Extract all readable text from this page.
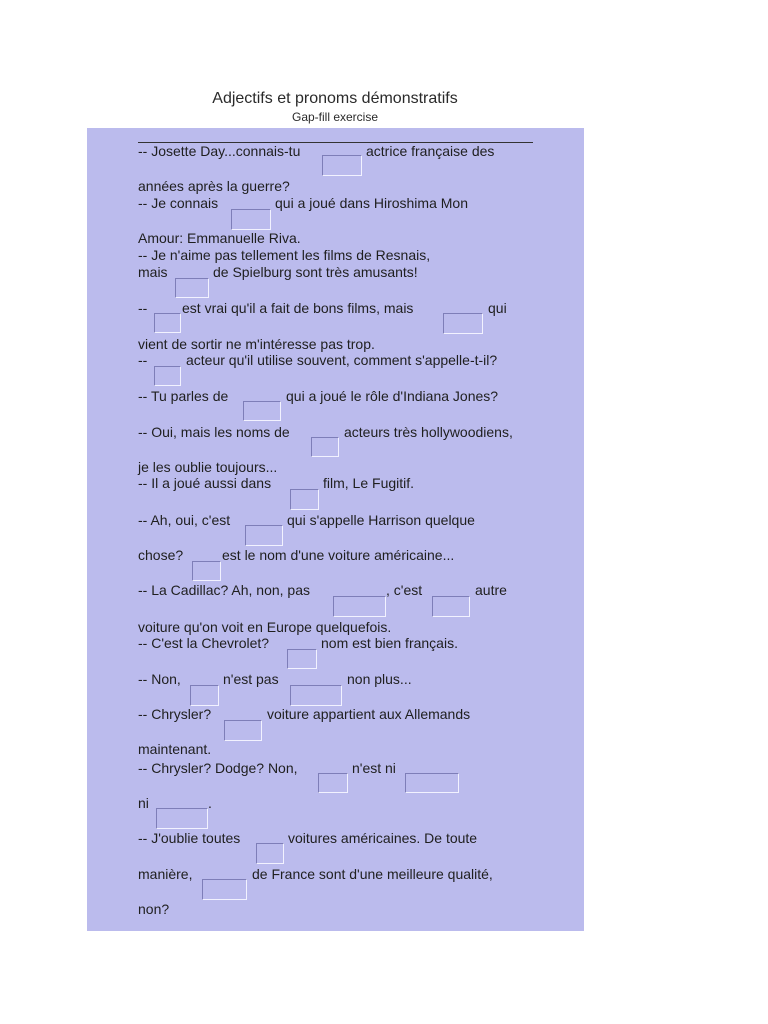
Adjectifs et pronoms démonstratifs
Gap-fill exercise
-- Josette Day...connais-tu	actrice française des
années après la guerre?
-- Je connais	qui a joué dans Hiroshima Mon
Amour: Emmanuelle Riva.
-- Je n'aime pas tellement les films de Resnais,
mais	de Spielburg sont très amusants!
-- est vrai qu'il a fait de bons films, mais	qui
vient de sortir ne m'intéresse pas trop.
--	acteur qu'il utilise souvent, comment s'appelle-t-il?
-- Tu parles de	qui a joué le rôle d'Indiana Jones?
-- Oui, mais les noms de	acteurs très hollywoodiens,
je les oublie toujours...
-- Il a joué aussi dans	film, Le Fugitif.
-- Ah, oui, c'est	qui s'appelle Harrison quelque
chose?	est le nom d'une voiture américaine...
-- La Cadillac? Ah, non, pas	, c'est	autre
voiture qu'on voit en Europe quelquefois.
-- C'est la Chevrolet?	nom est bien français.
-- Non,	n'est pas	non plus...
-- Chrysler?	voiture appartient aux Allemands
maintenant.
-- Chrysler? Dodge? Non,	n'est ni
ni	.
-- J'oublie toutes	voitures américaines. De toute
manière,	de France sont d'une meilleure qualité,
non?
